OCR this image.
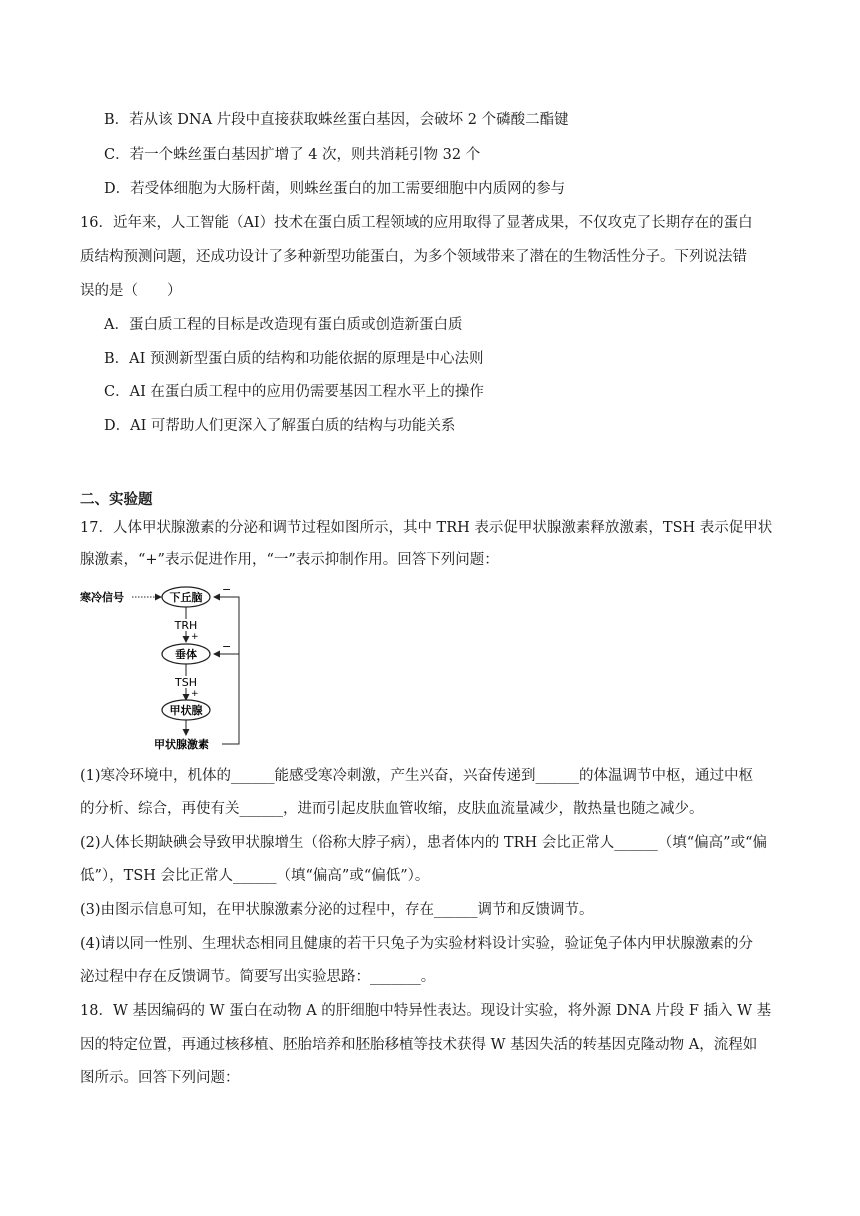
B．若从该 DNA 片段中直接获取蛛丝蛋白基因，会破坏 2 个磷酸二酯键
C．若一个蛛丝蛋白基因扩增了 4 次，则共消耗引物 32 个
D．若受体细胞为大肠杆菌，则蛛丝蛋白的加工需要细胞中内质网的参与
16．近年来，人工智能（AI）技术在蛋白质工程领域的应用取得了显著成果，不仅攻克了长期存在的蛋白
质结构预测问题，还成功设计了多种新型功能蛋白，为多个领域带来了潜在的生物活性分子。下列说法错
误的是（　　）
A．蛋白质工程的目标是改造现有蛋白质或创造新蛋白质
B．AI 预测新型蛋白质的结构和功能依据的原理是中心法则
C．AI 在蛋白质工程中的应用仍需要基因工程水平上的操作
D．AI 可帮助人们更深入了解蛋白质的结构与功能关系
二、实验题
17．人体甲状腺激素的分泌和调节过程如图所示，其中 TRH 表示促甲状腺激素释放激素，TSH 表示促甲状
腺激素，“+”表示促进作用，“一”表示抑制作用。回答下列问题：
寒冷信号	下丘脑
TRH
+
垂体
TSH
+
甲状腺
甲状腺激素
−
−
(1)寒冷环境中，机体的______能感受寒冷刺激，产生兴奋，兴奋传递到______的体温调节中枢，通过中枢
的分析、综合，再使有关______，进而引起皮肤血管收缩，皮肤血流量减少，散热量也随之减少。
(2)人体长期缺碘会导致甲状腺增生（俗称大脖子病），患者体内的 TRH 会比正常人______（填“偏高”或“偏
低”），TSH 会比正常人______（填“偏高”或“偏低”）。
(3)由图示信息可知，在甲状腺激素分泌的过程中，存在______调节和反馈调节。
(4)请以同一性别、生理状态相同且健康的若干只兔子为实验材料设计实验，验证兔子体内甲状腺激素的分
泌过程中存在反馈调节。简要写出实验思路：_______。
18．W 基因编码的 W 蛋白在动物 A 的肝细胞中特异性表达。现设计实验，将外源 DNA 片段 F 插入 W 基
因的特定位置，再通过核移植、胚胎培养和胚胎移植等技术获得 W 基因失活的转基因克隆动物 A，流程如
图所示。回答下列问题：
